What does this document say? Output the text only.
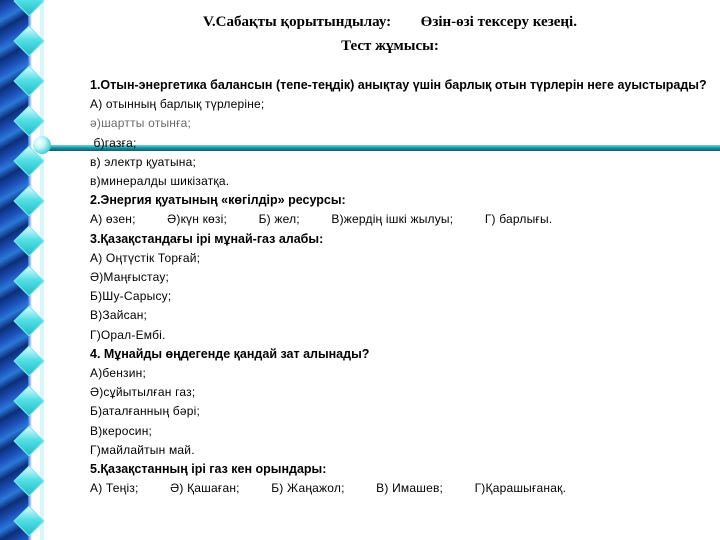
V.Сабақты қорытындылау: Өзін-өзі тексеру кезеңі.
Тест жұмысы:
1.Отын-энергетика балансын (тепе-теңдік) анықтау үшін барлық отын түрлерін неге ауыстырады?
А) отынның барлық түрлеріне;
ә)шартты отынға;
б)газға;
в) электр қуатына;
в)минералды шикізатқа.
2.Энергия қуатының «көгілдір» ресурсы:
А) өзен;	Ә)күн көзі;	Б) жел;	В)жердің ішкі жылуы;	Г) барлығы.
3.Қазақстандағы ірі мұнай-газ алабы:
А) Оңтүстік Торғай;
Ә)Маңғыстау;
Б)Шу-Сарысу;
В)Зайсан;
Г)Орал-Ембі.
4. Мұнайды өңдегенде қандай зат алынады?
А)бензин;
Ә)сұйытылған газ;
Б)аталғанның бәрі;
В)керосин;
Г)майлайтын май.
5.Қазақстанның ірі газ кен орындары:
А) Теңіз;	Ә) Қашаған;	Б) Жаңажол;	В) Имашев;	Г)Қарашығанақ.
